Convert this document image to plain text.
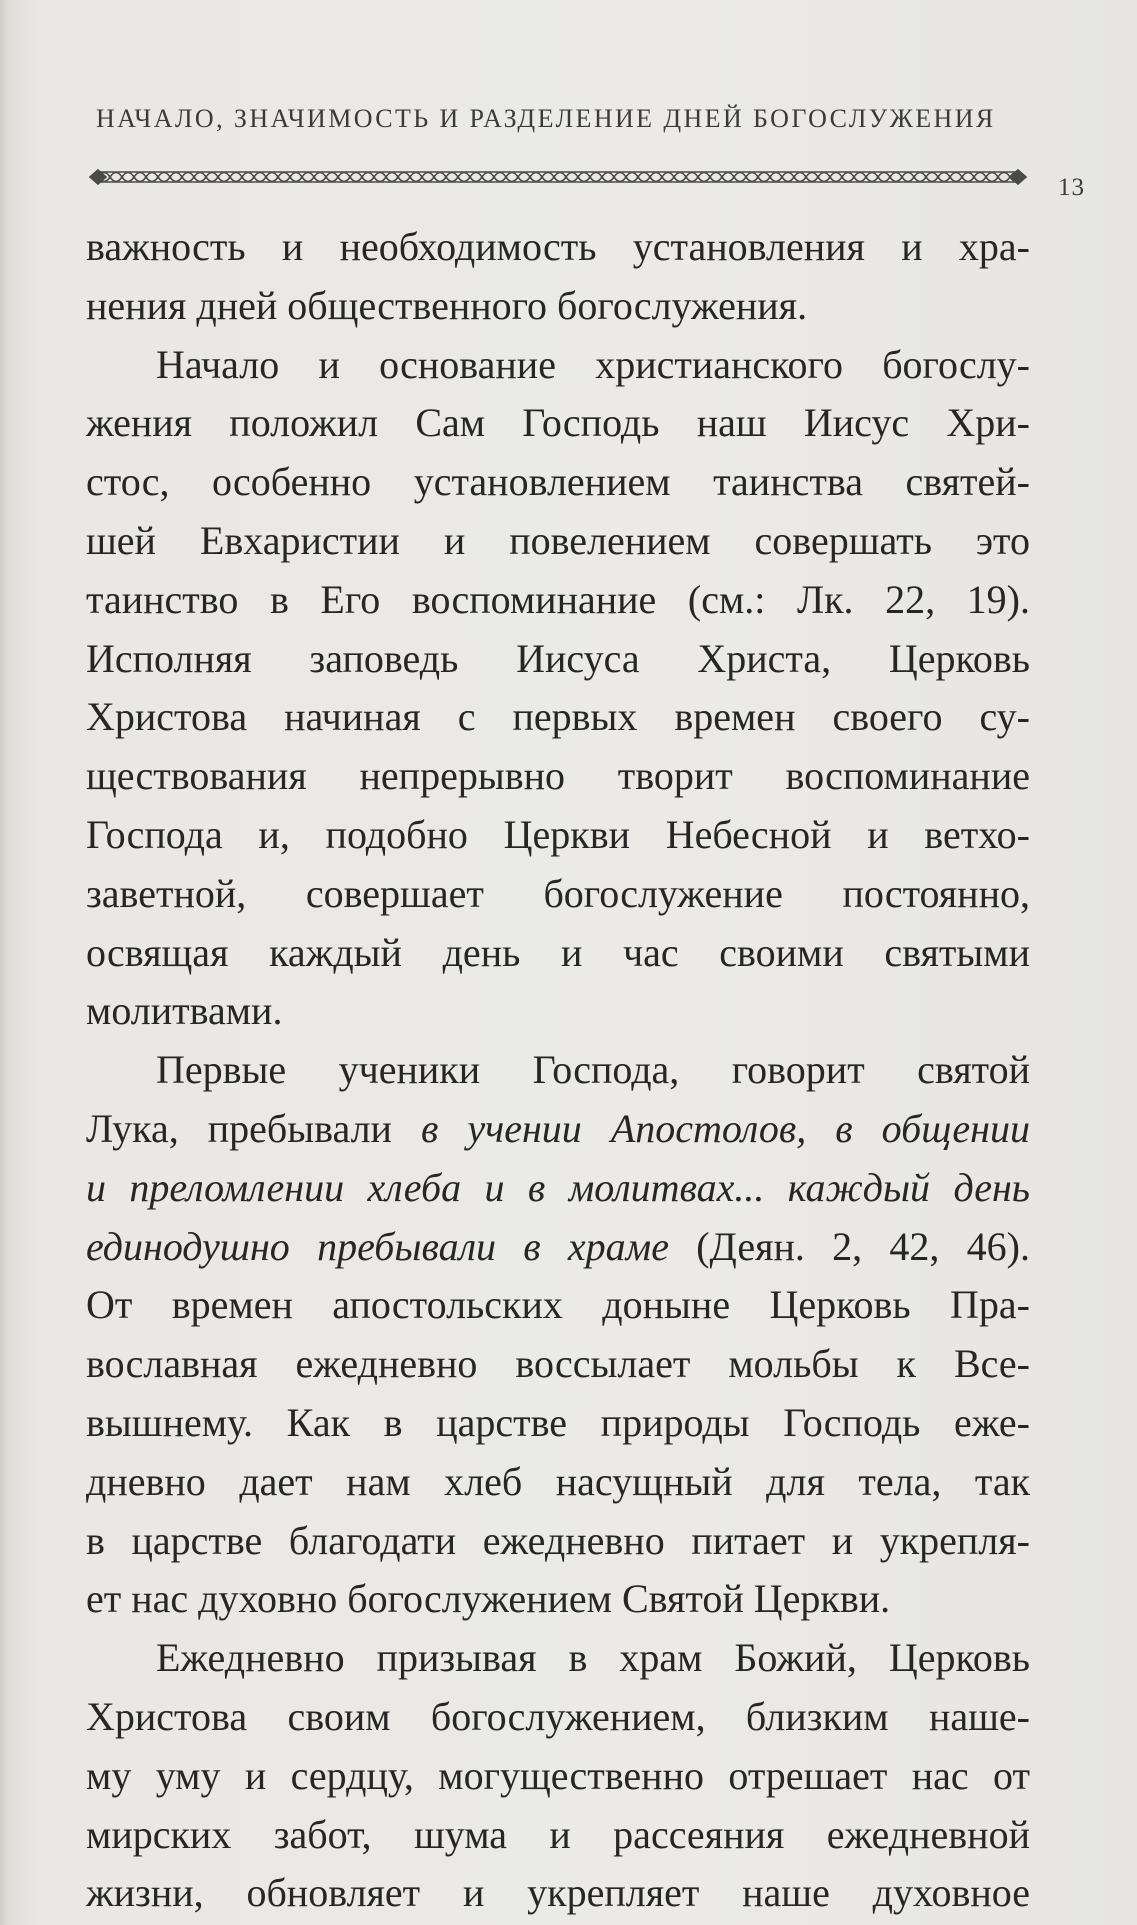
НАЧАЛО, ЗНАЧИМОСТЬ И РАЗДЕЛЕНИЕ ДНЕЙ БОГОСЛУЖЕНИЯ
13
важность и необходимость установления и хра-
нения дней общественного богослужения.
Начало и основание христианского богослу-
жения положил Сам Господь наш Иисус Хри-
стос, особенно установлением таинства святей-
шей Евхаристии и повелением совершать это
таинство в Его воспоминание (см.: Лк. 22, 19).
Исполняя заповедь Иисуса Христа, Церковь
Христова начиная с первых времен своего су-
ществования непрерывно творит воспоминание
Господа и, подобно Церкви Небесной и ветхо-
заветной, совершает богослужение постоянно,
освящая каждый день и час своими святыми
молитвами.
Первые ученики Господа, говорит святой
Лука, пребывали в учении Апостолов, в общении
и преломлении хлеба и в молитвах... каждый день
единодушно пребывали в храме (Деян. 2, 42, 46).
От времен апостольских доныне Церковь Пра-
вославная ежедневно воссылает мольбы к Все-
вышнему. Как в царстве природы Господь еже-
дневно дает нам хлеб насущный для тела, так
в царстве благодати ежедневно питает и укрепля-
ет нас духовно богослужением Святой Церкви.
Ежедневно призывая в храм Божий, Церковь
Христова своим богослужением, близким наше-
му уму и сердцу, могущественно отрешает нас от
мирских забот, шума и рассеяния ежедневной
жизни, обновляет и укрепляет наше духовное
